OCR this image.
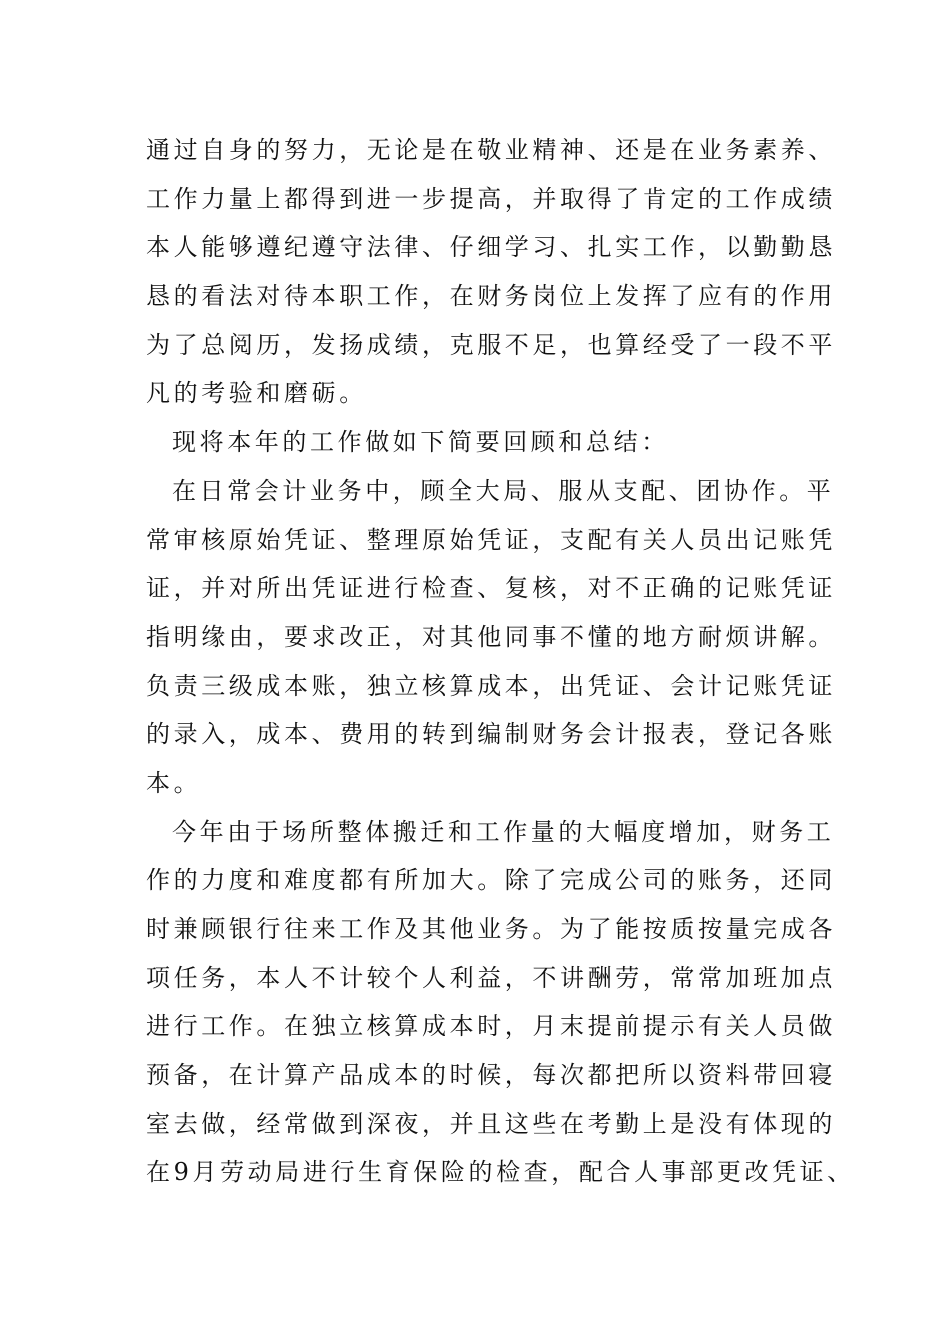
通过自身的努力，无论是在敬业精神、还是在业务素养、
工作力量上都得到进一步提高，并取得了肯定的工作成绩
本人能够遵纪遵守法律、仔细学习、扎实工作，以勤勤恳
恳的看法对待本职工作，在财务岗位上发挥了应有的作用
为了总阅历，发扬成绩，克服不足，也算经受了一段不平
凡的考验和磨砺。
现将本年的工作做如下简要回顾和总结：
在日常会计业务中，顾全大局、服从支配、团协作。平
常审核原始凭证、整理原始凭证，支配有关人员出记账凭
证，并对所出凭证进行检查、复核，对不正确的记账凭证
指明缘由，要求改正，对其他同事不懂的地方耐烦讲解。
负责三级成本账，独立核算成本，出凭证、会计记账凭证
的录入，成本、费用的转到编制财务会计报表，登记各账
本。
今年由于场所整体搬迁和工作量的大幅度增加，财务工
作的力度和难度都有所加大。除了完成公司的账务，还同
时兼顾银行往来工作及其他业务。为了能按质按量完成各
项任务，本人不计较个人利益，不讲酬劳，常常加班加点
进行工作。在独立核算成本时，月末提前提示有关人员做
预备，在计算产品成本的时候，每次都把所以资料带回寝
室去做，经常做到深夜，并且这些在考勤上是没有体现的
在9月劳动局进行生育保险的检查，配合人事部更改凭证、
